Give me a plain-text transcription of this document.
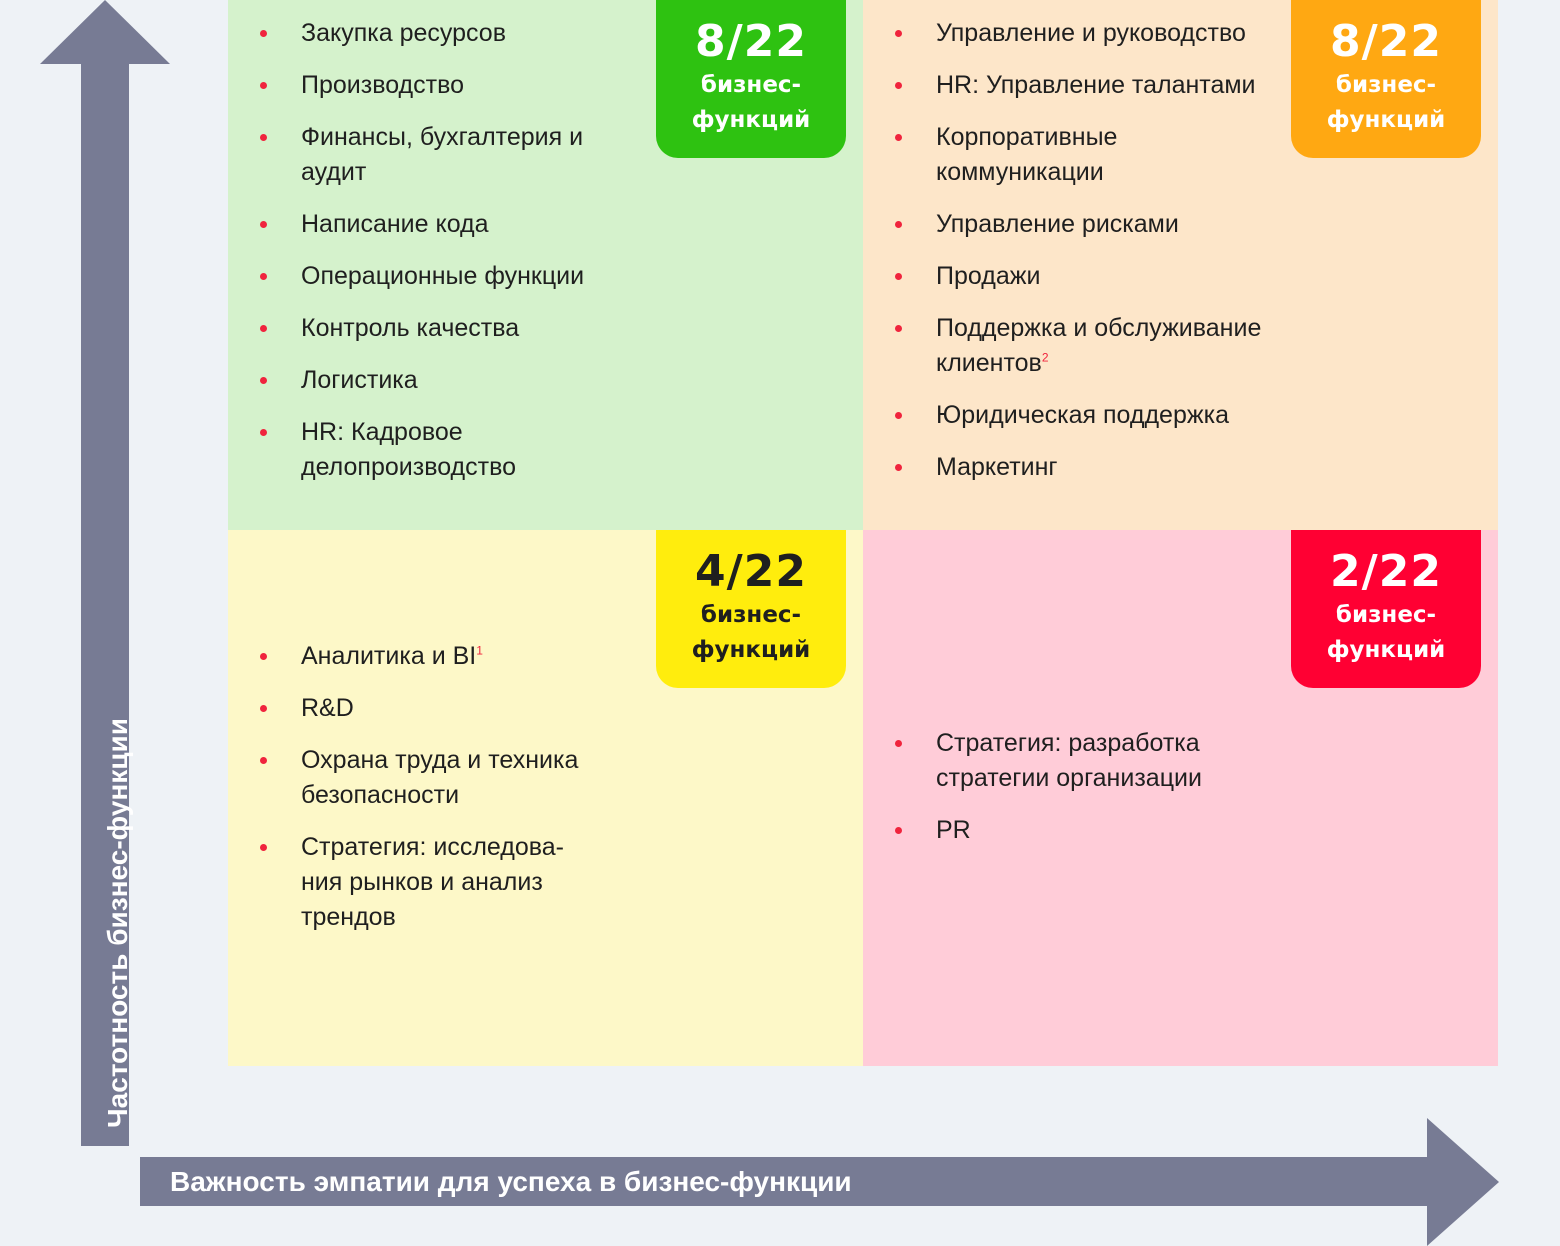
Частотность бизнес-функции
Закупка ресурсов
Производство
Финансы, бухгалтерия и аудит
Написание кода
Операционные функции
Контроль качества
Логистика
HR: Кадровое делопроизводство
8/22
бизнес-
функций
Управление и руководство
HR: Управление талантами
Корпоративные коммуникации
Управление рисками
Продажи
Поддержка и обслуживание клиентов$^2$
Юридическая поддержка
Маркетинг
8/22
бизнес-
функций
Аналитика и BI$^1$
R&D
Охрана труда и техника безопасности
Стратегия: исследова-ния рынков и анализ трендов
4/22
бизнес-
функций
Стратегия: разработка стратегии организации
PR
2/22
бизнес-
функций
Важность эмпатии для успеха в бизнес-функции
